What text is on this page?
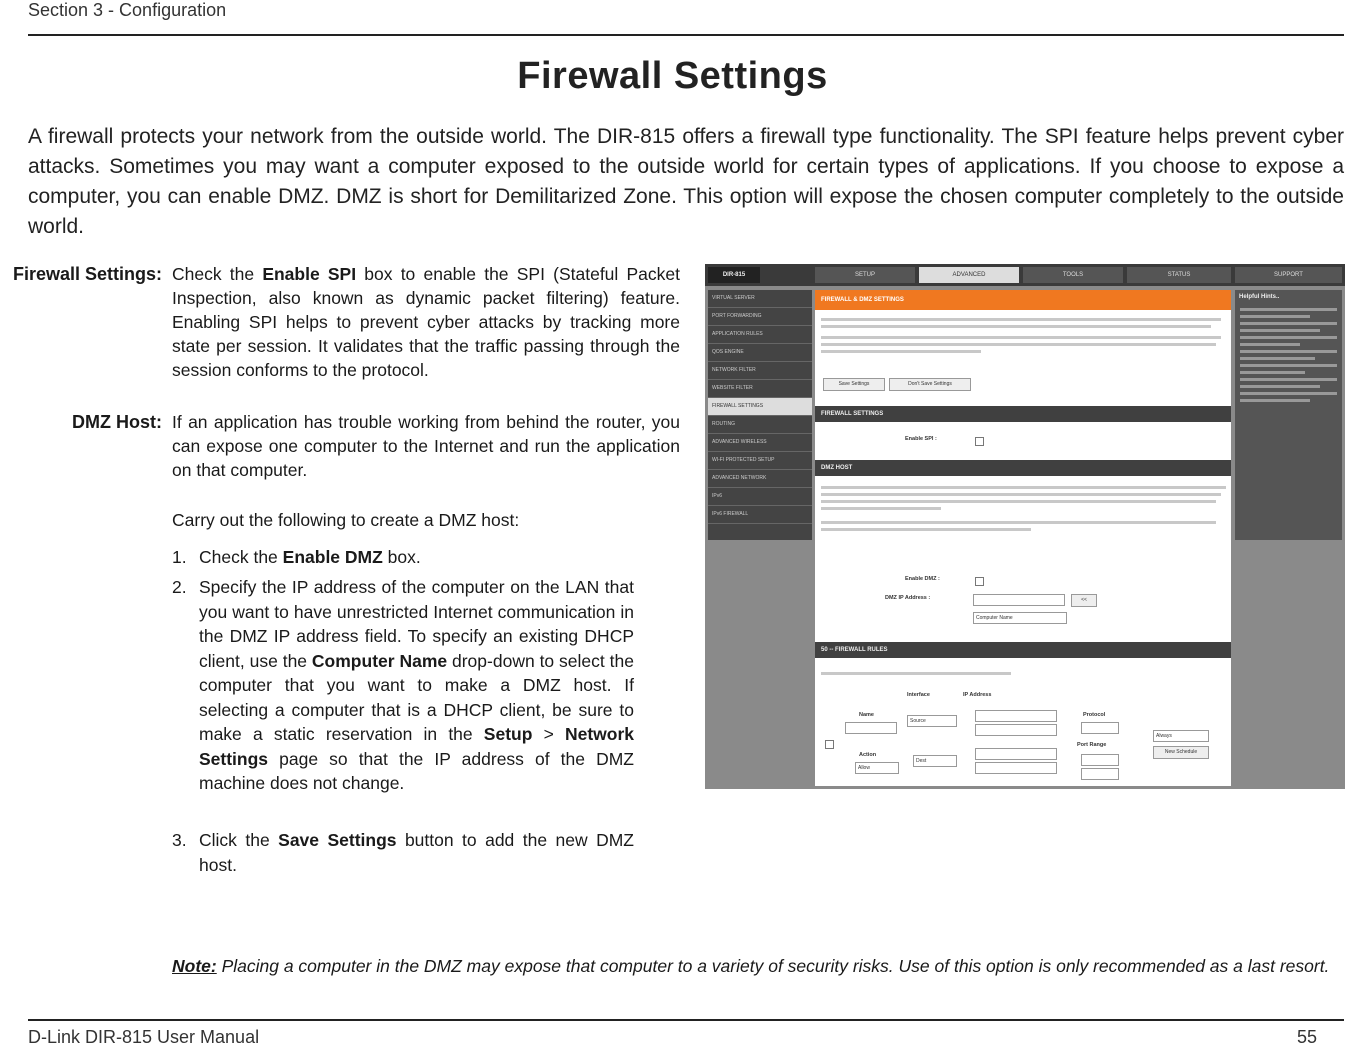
Section 3 - Configuration
Firewall Settings
A firewall protects your network from the outside world. The DIR-815 offers a firewall type functionality. The SPI feature helps prevent cyber attacks. Sometimes you may want a computer exposed to the outside world for certain types of applications. If you choose to expose a computer, you can enable DMZ. DMZ is short for Demilitarized Zone. This option will expose the chosen computer completely to the outside world.
Firewall Settings: Check the Enable SPI box to enable the SPI (Stateful Packet Inspection, also known as dynamic packet filtering) feature. Enabling SPI helps to prevent cyber attacks by tracking more state per session. It validates that the traffic passing through the session conforms to the protocol.
DMZ Host: If an application has trouble working from behind the router, you can expose one computer to the Internet and run the application on that computer.
Carry out the following to create a DMZ host:
1. Check the Enable DMZ box.
2. Specify the IP address of the computer on the LAN that you want to have unrestricted Internet communication in the DMZ IP address field. To specify an existing DHCP client, use the Computer Name drop-down to select the computer that you want to make a DMZ host. If selecting a computer that is a DHCP client, be sure to make a static reservation in the Setup > Network Settings page so that the IP address of the DMZ machine does not change.
3. Click the Save Settings button to add the new DMZ host.
Note: Placing a computer in the DMZ may expose that computer to a variety of security risks. Use of this option is only recommended as a last resort.
DIR-815	SETUP	ADVANCED	TOOLS	STATUS	SUPPORT
VIRTUAL SERVER
PORT FORWARDING
APPLICATION RULES
QOS ENGINE
NETWORK FILTER
WEBSITE FILTER
FIREWALL SETTINGS
ROUTING
ADVANCED WIRELESS
WI-FI PROTECTED SETUP
ADVANCED NETWORK
IPv6
IPv6 FIREWALL
FIREWALL & DMZ SETTINGS
Save Settings	Don't Save Settings
FIREWALL SETTINGS
Enable SPI :
DMZ HOST
Enable DMZ :
DMZ IP Address :	<<
Computer Name
50 -- FIREWALL RULES
Interface	IP Address
Name
Source
Protocol
Action
Allow
Dest
Port Range
Always
New Schedule
Helpful Hints..
D-Link DIR-815 User Manual	55
